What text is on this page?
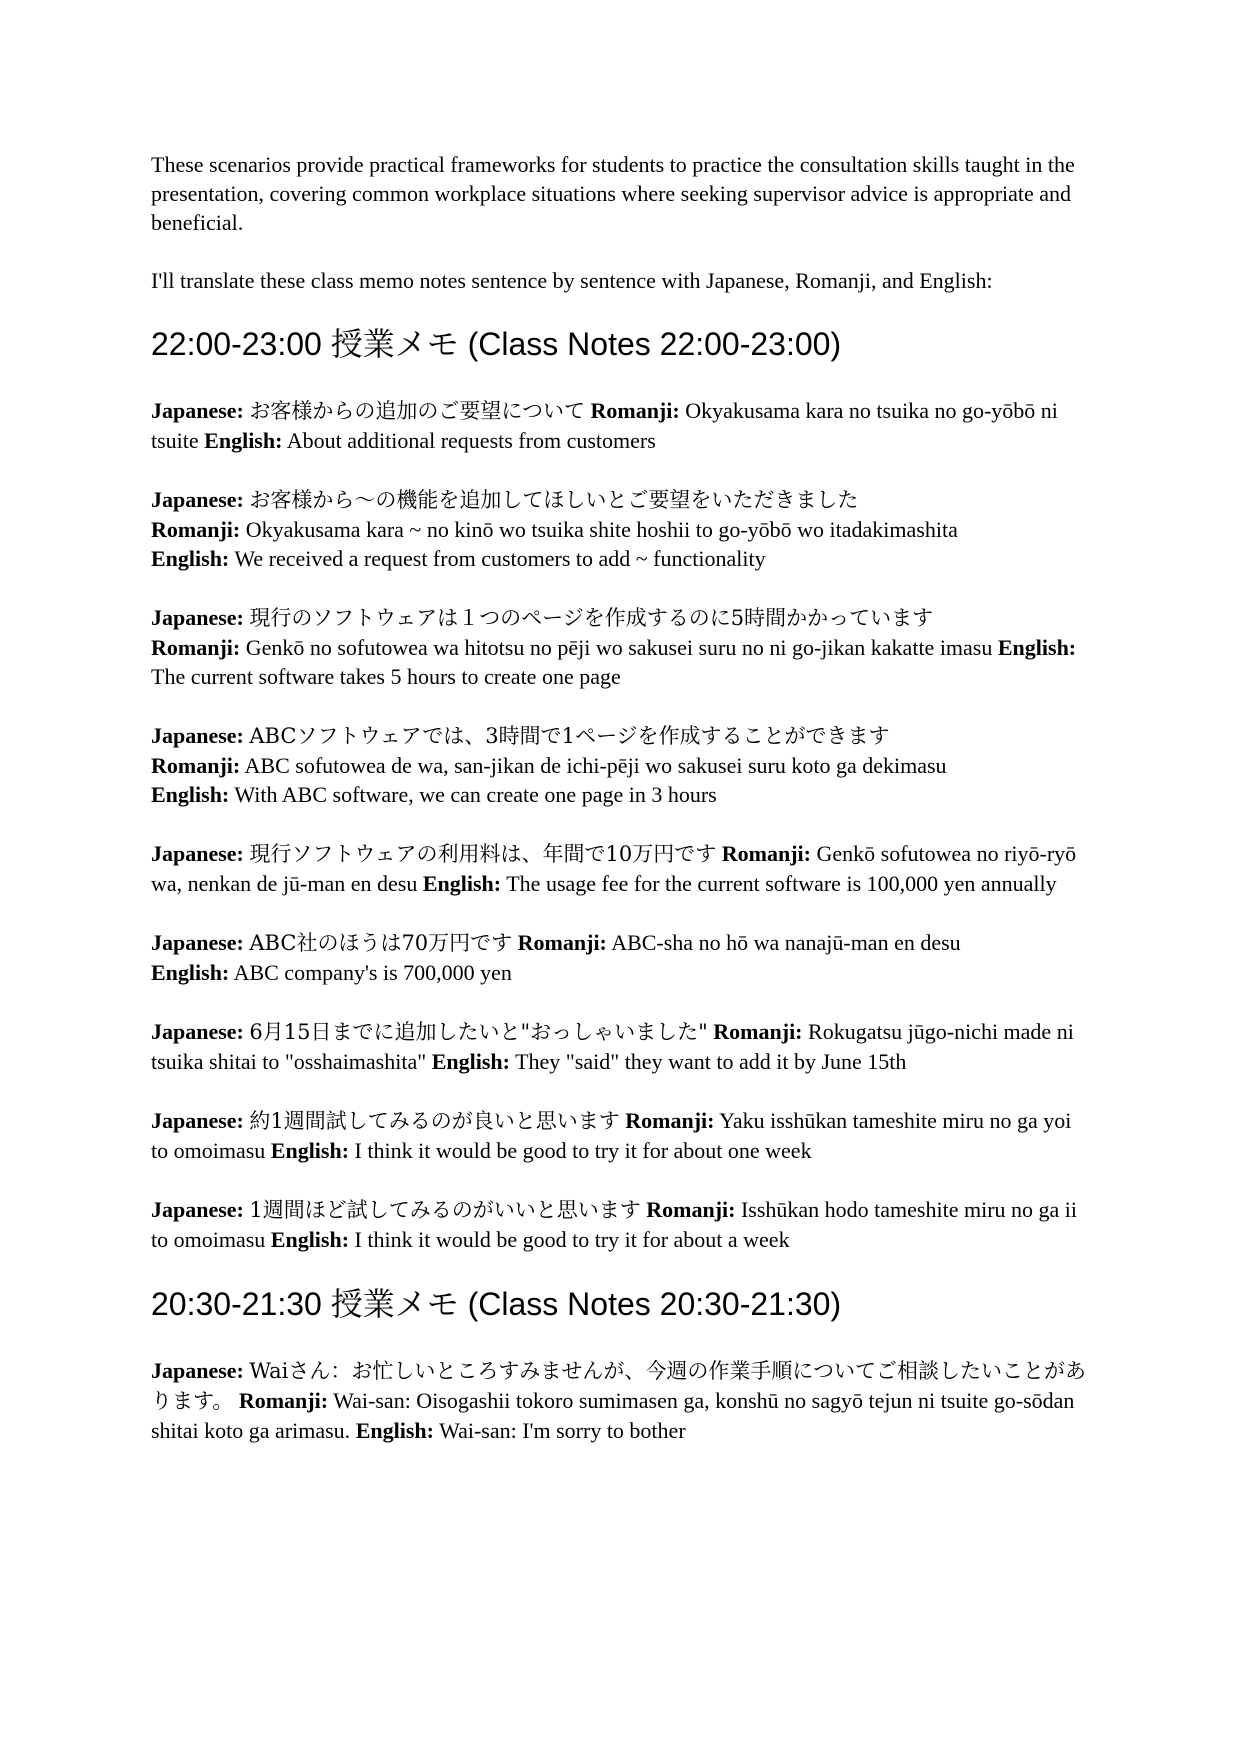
These scenarios provide practical frameworks for students to practice the consultation skills taught in the presentation, covering common workplace situations where seeking supervisor advice is appropriate and beneficial.

I'll translate these class memo notes sentence by sentence with Japanese, Romanji, and English:

22:00-23:00 授業メモ (Class Notes 22:00-23:00)

Japanese: お客様からの追加のご要望について Romanji: Okyakusama kara no tsuika no go-yōbō ni tsuite English: About additional requests from customers

Japanese: お客様から〜の機能を追加してほしいとご要望をいただきました
Romanji: Okyakusama kara ~ no kinō wo tsuika shite hoshii to go-yōbō wo itadakimashita
English: We received a request from customers to add ~ functionality

Japanese: 現行のソフトウェアは１つのページを作成するのに5時間かかっています
Romanji: Genkō no sofutowea wa hitotsu no pēji wo sakusei suru no ni go-jikan kakatte imasu English: The current software takes 5 hours to create one page

Japanese: ABCソフトウェアでは、3時間で1ページを作成することができます
Romanji: ABC sofutowea de wa, san-jikan de ichi-pēji wo sakusei suru koto ga dekimasu
English: With ABC software, we can create one page in 3 hours

Japanese: 現行ソフトウェアの利用料は、年間で10万円です Romanji: Genkō sofutowea no riyō-ryō wa, nenkan de jū-man en desu English: The usage fee for the current software is 100,000 yen annually

Japanese: ABC社のほうは70万円です Romanji: ABC-sha no hō wa nanajū-man en desu
English: ABC company's is 700,000 yen

Japanese: 6月15日までに追加したいと"おっしゃいました" Romanji: Rokugatsu jūgo-nichi made ni tsuika shitai to "osshaimashita" English: They "said" they want to add it by June 15th

Japanese: 約1週間試してみるのが良いと思います Romanji: Yaku isshūkan tameshite miru no ga yoi to omoimasu English: I think it would be good to try it for about one week

Japanese: 1週間ほど試してみるのがいいと思います Romanji: Isshūkan hodo tameshite miru no ga ii to omoimasu English: I think it would be good to try it for about a week

20:30-21:30 授業メモ (Class Notes 20:30-21:30)

Japanese: Waiさん：お忙しいところすみませんが、今週の作業手順についてご相談したいことがあります。 Romanji: Wai-san: Oisogashii tokoro sumimasen ga, konshū no sagyō tejun ni tsuite go-sōdan shitai koto ga arimasu. English: Wai-san: I'm sorry to bother
